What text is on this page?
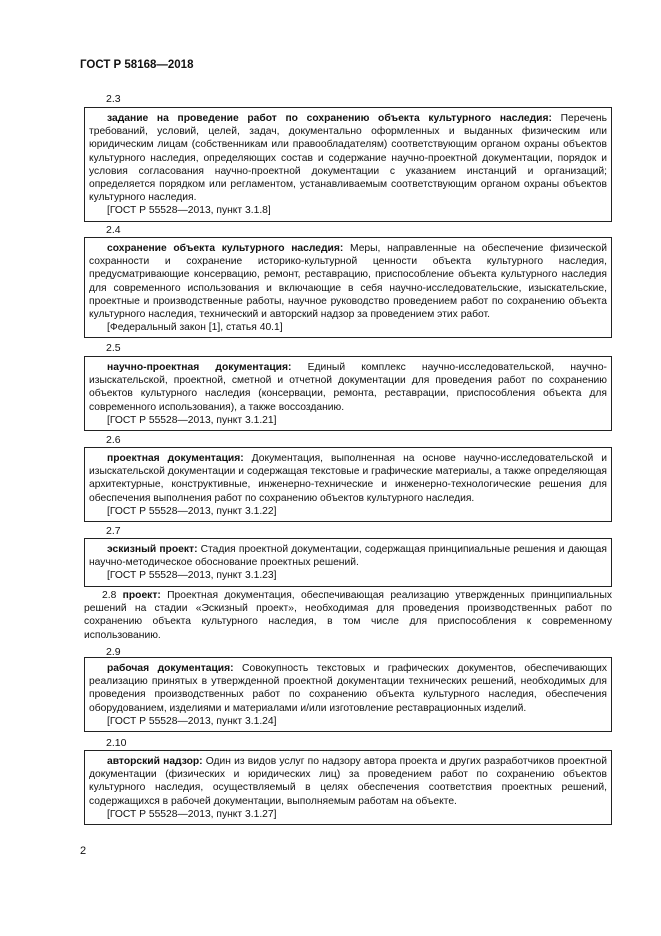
ГОСТ Р 58168—2018
2.3

задание на проведение работ по сохранению объекта культурного наследия: Перечень требований, условий, целей, задач, документально оформленных и выданных физическим или юридическим лицам (собственникам или правообладателям) соответствующим органом охраны объектов культурного наследия, определяющих состав и содержание научно-проектной документации, порядок и условия согласования научно-проектной документации с указанием инстанций и организаций; определяется порядком или регламентом, устанавливаемым соответствующим органом охраны объектов культурного наследия.

[ГОСТ Р 55528—2013, пункт 3.1.8]

2.4

сохранение объекта культурного наследия: Меры, направленные на обеспечение физической сохранности и сохранение историко-культурной ценности объекта культурного наследия, предусматривающие консервацию, ремонт, реставрацию, приспособление объекта культурного наследия для современного использования и включающие в себя научно-исследовательские, изыскательские, проектные и производственные работы, научное руководство проведением работ по сохранению объекта культурного наследия, технический и авторский надзор за проведением этих работ.

[Федеральный закон [1], статья 40.1]

2.5

научно-проектная документация: Единый комплекс научно-исследовательской, научно-изыскательской, проектной, сметной и отчетной документации для проведения работ по сохранению объектов культурного наследия (консервации, ремонта, реставрации, приспособления объекта для современного использования), а также воссозданию.

[ГОСТ Р 55528—2013, пункт 3.1.21]

2.6

проектная документация: Документация, выполненная на основе научно-исследовательской и изыскательской документации и содержащая текстовые и графические материалы, а также определяющая архитектурные, конструктивные, инженерно-технические и инженерно-технологические решения для обеспечения выполнения работ по сохранению объектов культурного наследия.

[ГОСТ Р 55528—2013, пункт 3.1.22]

2.7

эскизный проект: Стадия проектной документации, содержащая принципиальные решения и дающая научно-методическое обоснование проектных решений.

[ГОСТ Р 55528—2013, пункт 3.1.23]

2.8 проект: Проектная документация, обеспечивающая реализацию утвержденных принципиальных решений на стадии «Эскизный проект», необходимая для проведения производственных работ по сохранению объекта культурного наследия, в том числе для приспособления к современному использованию.

2.9

рабочая документация: Совокупность текстовых и графических документов, обеспечивающих реализацию принятых в утвержденной проектной документации технических решений, необходимых для проведения производственных работ по сохранению объекта культурного наследия, обеспечения оборудованием, изделиями и материалами и/или изготовление реставрационных изделий.

[ГОСТ Р 55528—2013, пункт 3.1.24]

2.10

авторский надзор: Один из видов услуг по надзору автора проекта и других разработчиков проектной документации (физических и юридических лиц) за проведением работ по сохранению объектов культурного наследия, осуществляемый в целях обеспечения соответствия проектных решений, содержащихся в рабочей документации, выполняемым работам на объекте.

[ГОСТ Р 55528—2013, пункт 3.1.27]

2
